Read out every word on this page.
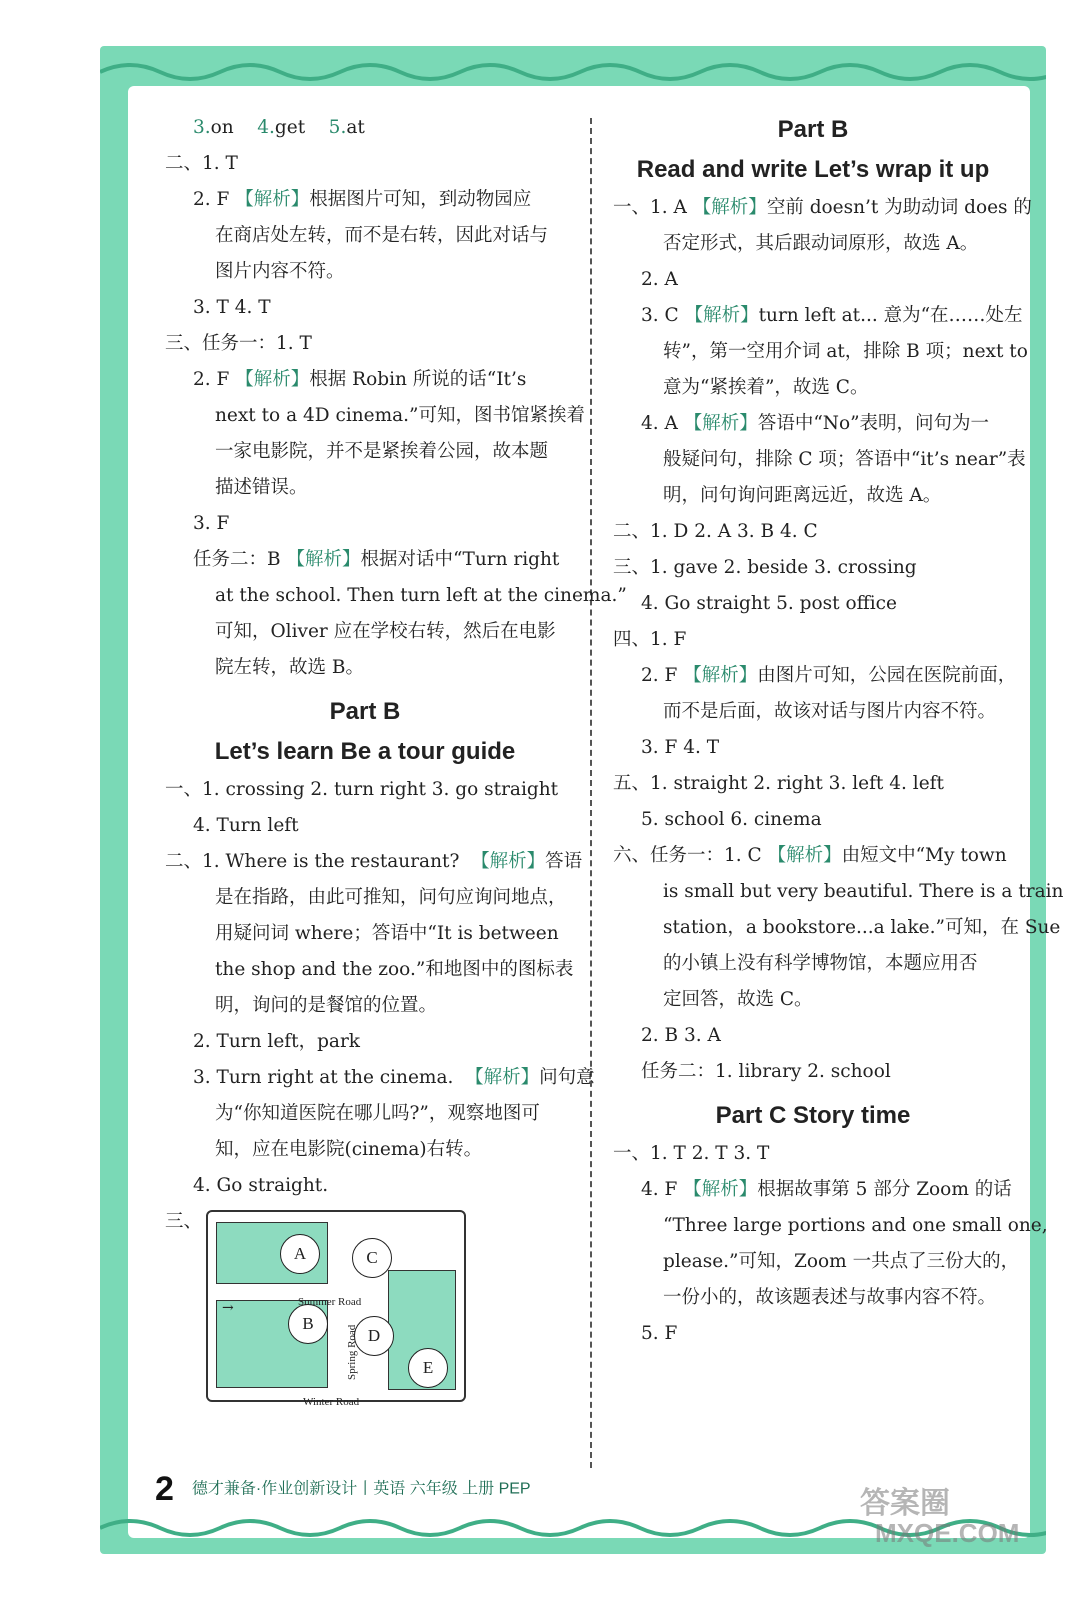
3.on 4.get 5.at
二、1. T
2. F 【解析】根据图片可知，到动物园应
在商店处左转，而不是右转，因此对话与
图片内容不符。
3. T 4. T
三、任务一：1. T
2. F 【解析】根据 Robin 所说的话“It’s
next to a 4D cinema.”可知，图书馆紧挨着
一家电影院，并不是紧挨着公园，故本题
描述错误。
3. F
任务二：B 【解析】根据对话中“Turn right
at the school. Then turn left at the cinema.”
可知，Oliver 应在学校右转，然后在电影
院左转，故选 B。
Part B
Let’s learn Be a tour guide
一、1. crossing 2. turn right 3. go straight
4. Turn left
二、1. Where is the restaurant? 【解析】答语
是在指路，由此可推知，问句应询问地点，
用疑问词 where；答语中“It is between
the shop and the zoo.”和地图中的图标表
明，询问的是餐馆的位置。
2. Turn left，park
3. Turn right at the cinema. 【解析】问句意
为“你知道医院在哪儿吗?”，观察地图可
知，应在电影院(cinema)右转。
4. Go straight.
三、
A	C
B
D
E
Summer Road
Winter Road
Spring Road
→
Part B
Read and write Let’s wrap it up
一、1. A 【解析】空前 doesn’t 为助动词 does 的
否定形式，其后跟动词原形，故选 A。
2. A
3. C 【解析】turn left at... 意为“在……处左
转”，第一空用介词 at，排除 B 项；next to
意为“紧挨着”，故选 C。
4. A 【解析】答语中“No”表明，问句为一
般疑问句，排除 C 项；答语中“it’s near”表
明，问句询问距离远近，故选 A。
二、1. D 2. A 3. B 4. C
三、1. gave 2. beside 3. crossing
4. Go straight 5. post office
四、1. F
2. F 【解析】由图片可知，公园在医院前面，
而不是后面，故该对话与图片内容不符。
3. F 4. T
五、1. straight 2. right 3. left 4. left
5. school 6. cinema
六、任务一：1. C 【解析】由短文中“My town
is small but very beautiful. There is a train
station，a bookstore...a lake.”可知，在 Sue
的小镇上没有科学博物馆，本题应用否
定回答，故选 C。
2. B 3. A
任务二：1. library 2. school
Part C Story time
一、1. T 2. T 3. T
4. F 【解析】根据故事第 5 部分 Zoom 的话
“Three large portions and one small one,
please.”可知，Zoom 一共点了三份大的，
一份小的，故该题表述与故事内容不符。
5. F
2 德才兼备·作业创新设计丨英语 六年级 上册 PEP	答案圈
MXQE.COM
